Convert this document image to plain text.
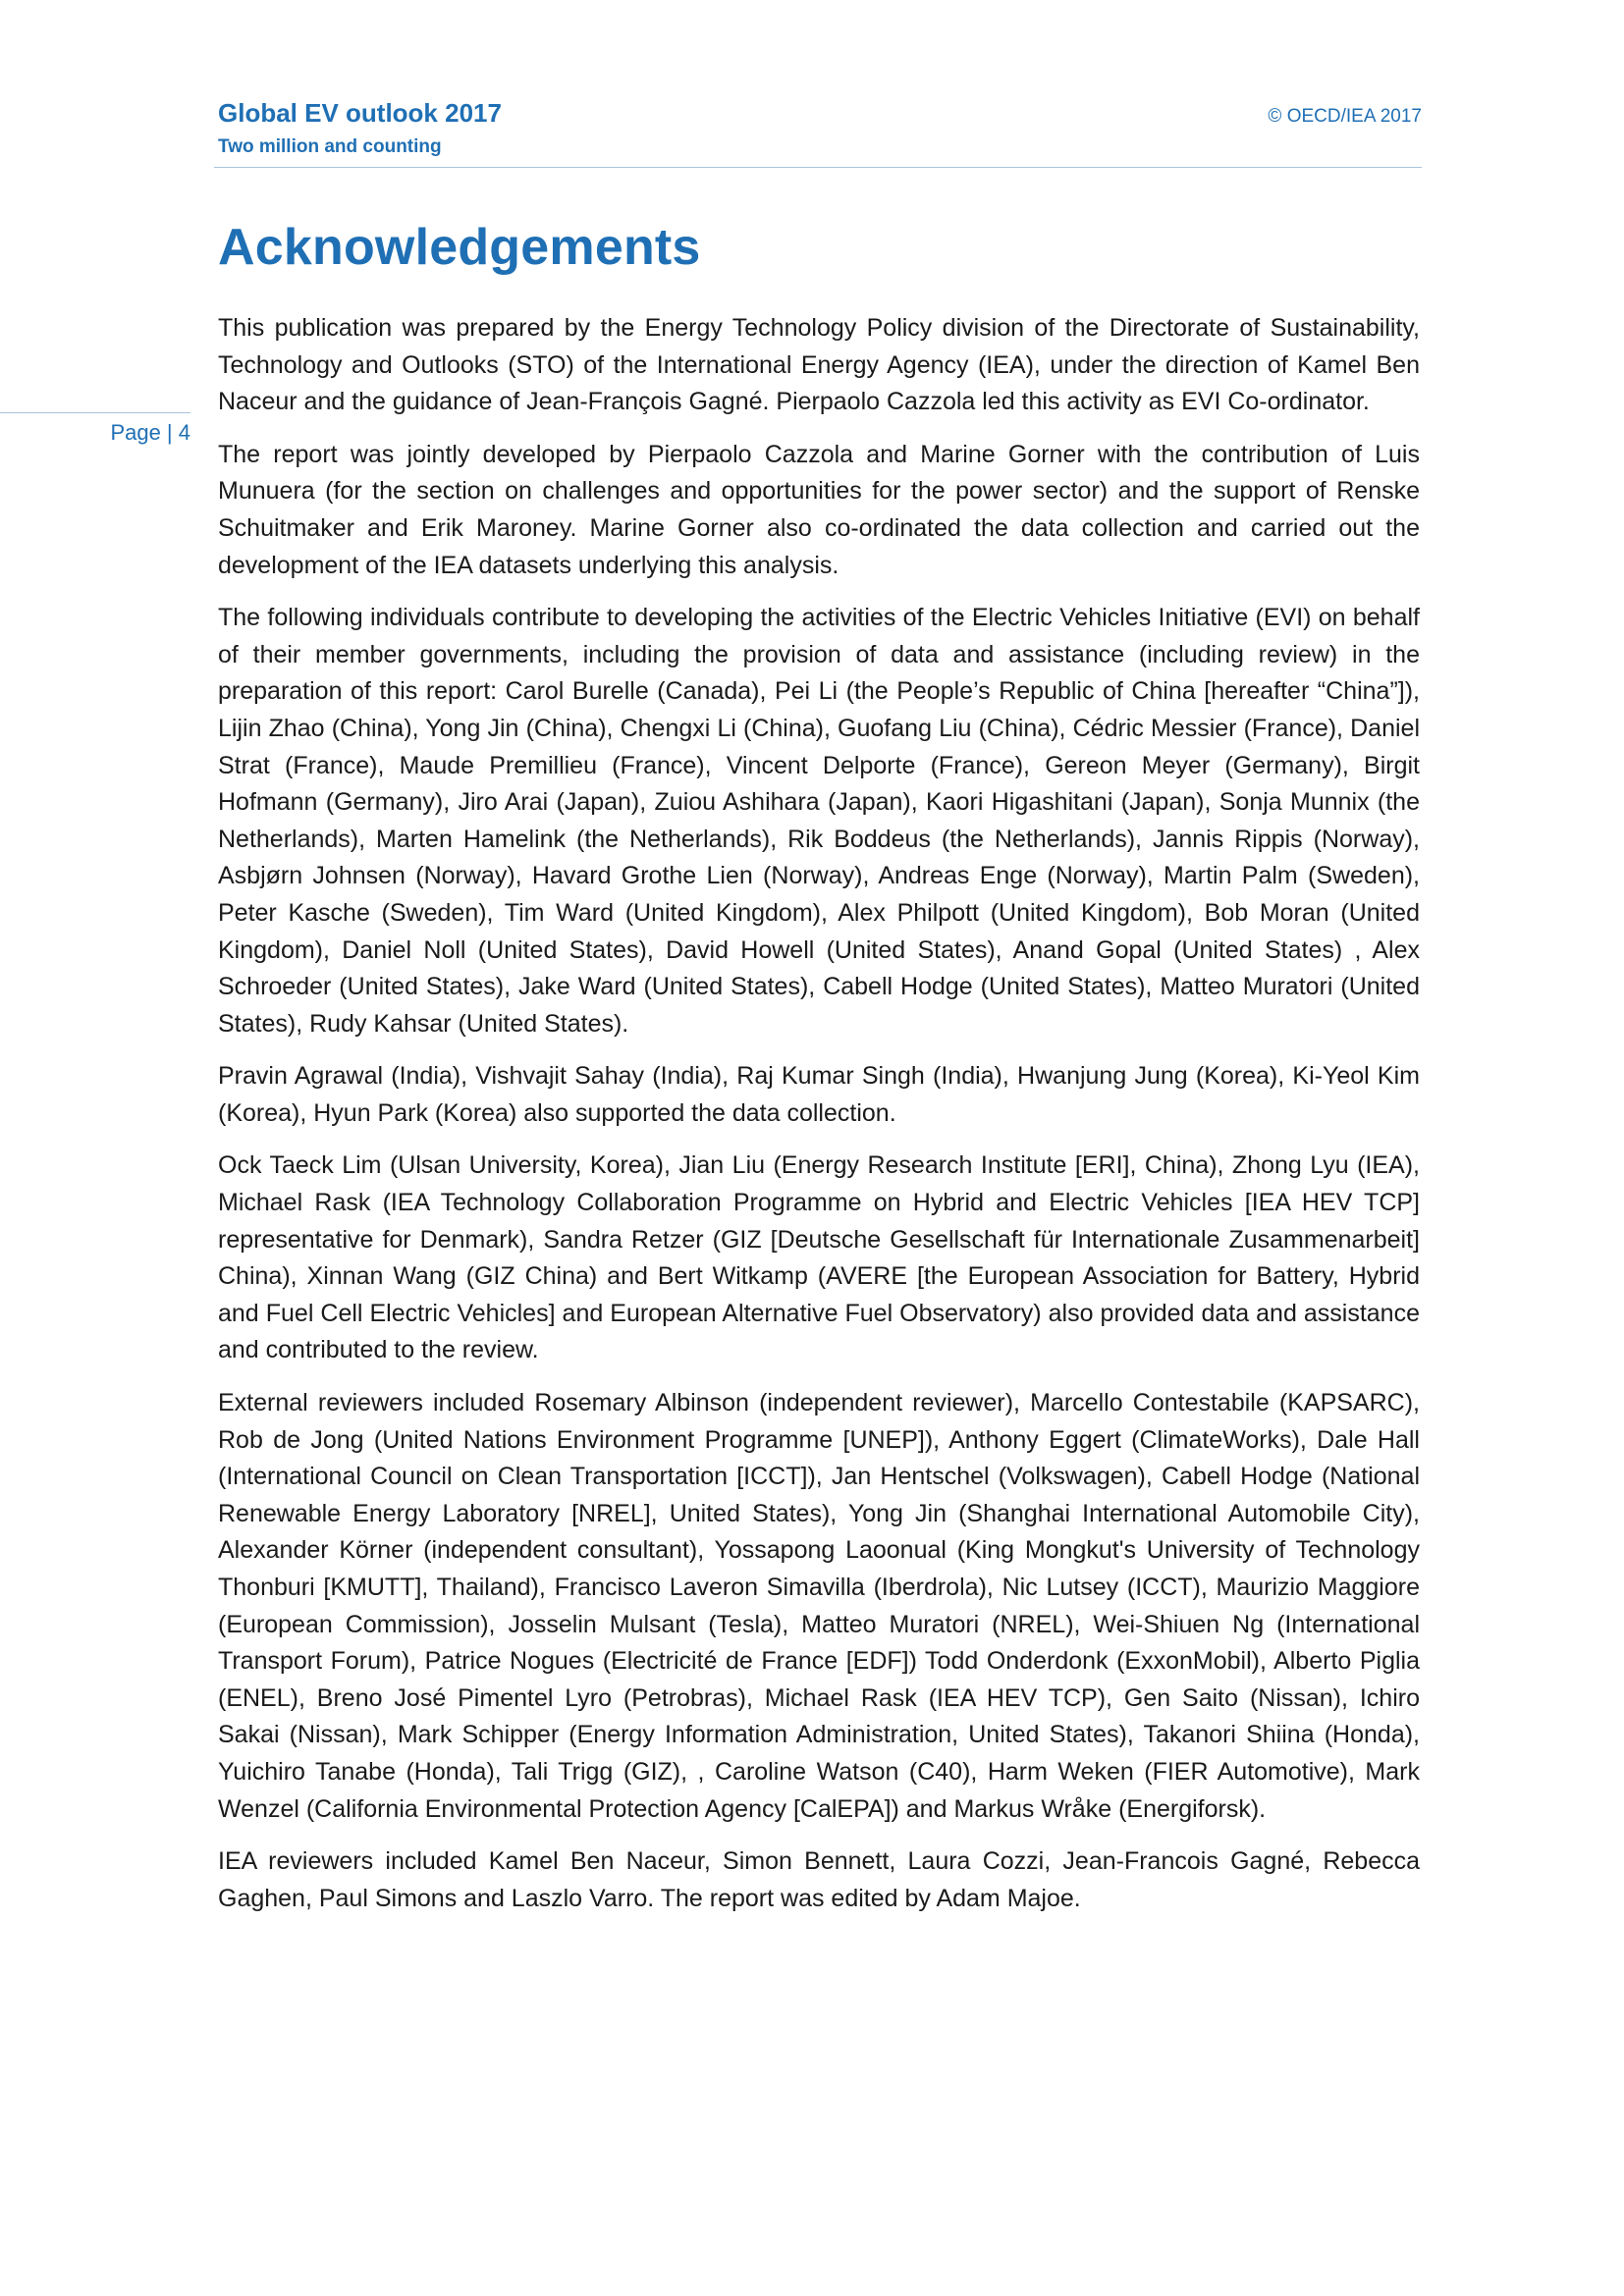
Global EV outlook 2017
Two million and counting
© OECD/IEA 2017
Page | 4
Acknowledgements

This publication was prepared by the Energy Technology Policy division of the Directorate of Sustainability, Technology and Outlooks (STO) of the International Energy Agency (IEA), under the direction of Kamel Ben Naceur and the guidance of Jean-François Gagné. Pierpaolo Cazzola led this activity as EVI Co-ordinator.

The report was jointly developed by Pierpaolo Cazzola and Marine Gorner with the contribution of Luis Munuera (for the section on challenges and opportunities for the power sector) and the support of Renske Schuitmaker and Erik Maroney. Marine Gorner also co-ordinated the data collection and carried out the development of the IEA datasets underlying this analysis.

The following individuals contribute to developing the activities of the Electric Vehicles Initiative (EVI) on behalf of their member governments, including the provision of data and assistance (including review) in the preparation of this report: Carol Burelle (Canada), Pei Li (the People’s Republic of China [hereafter “China”]), Lijin Zhao (China), Yong Jin (China), Chengxi Li (China), Guofang Liu (China), Cédric Messier (France), Daniel Strat (France), Maude Premillieu (France), Vincent Delporte (France), Gereon Meyer (Germany), Birgit Hofmann (Germany), Jiro Arai (Japan), Zuiou Ashihara (Japan), Kaori Higashitani (Japan), Sonja Munnix (the Netherlands), Marten Hamelink (the Netherlands), Rik Boddeus (the Netherlands), Jannis Rippis (Norway), Asbjørn Johnsen (Norway), Havard Grothe Lien (Norway), Andreas Enge (Norway), Martin Palm (Sweden), Peter Kasche (Sweden), Tim Ward (United Kingdom), Alex Philpott (United Kingdom), Bob Moran (United Kingdom), Daniel Noll (United States), David Howell (United States), Anand Gopal (United States) , Alex Schroeder (United States), Jake Ward (United States), Cabell Hodge (United States), Matteo Muratori (United States), Rudy Kahsar (United States).

Pravin Agrawal (India), Vishvajit Sahay (India), Raj Kumar Singh (India), Hwanjung Jung (Korea), Ki-Yeol Kim (Korea), Hyun Park (Korea) also supported the data collection.

Ock Taeck Lim (Ulsan University, Korea), Jian Liu (Energy Research Institute [ERI], China), Zhong Lyu (IEA), Michael Rask (IEA Technology Collaboration Programme on Hybrid and Electric Vehicles [IEA HEV TCP] representative for Denmark), Sandra Retzer (GIZ [Deutsche Gesellschaft für Internationale Zusammenarbeit] China), Xinnan Wang (GIZ China) and Bert Witkamp (AVERE [the European Association for Battery, Hybrid and Fuel Cell Electric Vehicles] and European Alternative Fuel Observatory) also provided data and assistance and contributed to the review.

External reviewers included Rosemary Albinson (independent reviewer), Marcello Contestabile (KAPSARC), Rob de Jong (United Nations Environment Programme [UNEP]), Anthony Eggert (ClimateWorks), Dale Hall (International Council on Clean Transportation [ICCT]), Jan Hentschel (Volkswagen), Cabell Hodge (National Renewable Energy Laboratory [NREL], United States), Yong Jin (Shanghai International Automobile City), Alexander Körner (independent consultant), Yossapong Laoonual (King Mongkut's University of Technology Thonburi [KMUTT], Thailand), Francisco Laveron Simavilla (Iberdrola), Nic Lutsey (ICCT), Maurizio Maggiore (European Commission), Josselin Mulsant (Tesla), Matteo Muratori (NREL), Wei-Shiuen Ng (International Transport Forum), Patrice Nogues (Electricité de France [EDF]) Todd Onderdonk (ExxonMobil), Alberto Piglia (ENEL), Breno José Pimentel Lyro (Petrobras), Michael Rask (IEA HEV TCP), Gen Saito (Nissan), Ichiro Sakai (Nissan), Mark Schipper (Energy Information Administration, United States), Takanori Shiina (Honda), Yuichiro Tanabe (Honda), Tali Trigg (GIZ), , Caroline Watson (C40), Harm Weken (FIER Automotive), Mark Wenzel (California Environmental Protection Agency [CalEPA]) and Markus Wråke (Energiforsk).

IEA reviewers included Kamel Ben Naceur, Simon Bennett, Laura Cozzi, Jean-Francois Gagné, Rebecca Gaghen, Paul Simons and Laszlo Varro. The report was edited by Adam Majoe.
